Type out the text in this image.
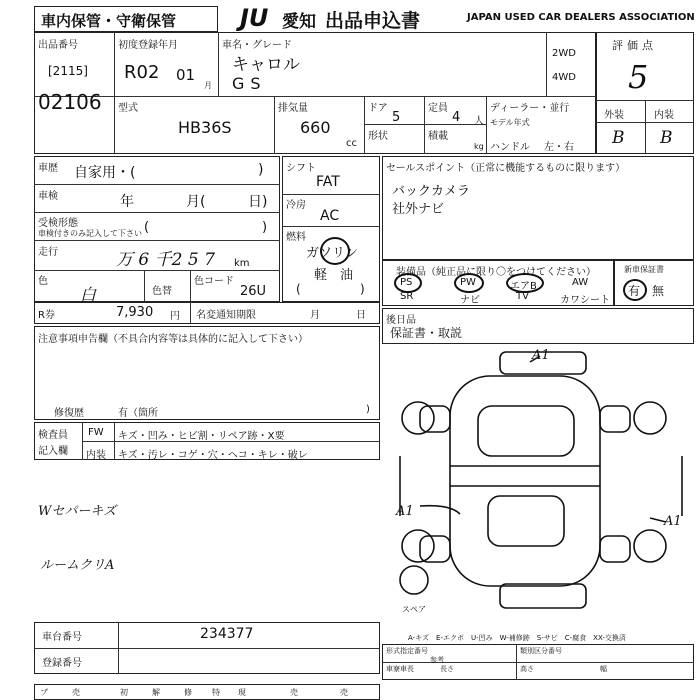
車内保管・守衛保管	JU 愛知 出品申込書	JAPAN USED CAR DEALERS ASSOCIATION
出品番号
[2115]
02106
初度登録年月
R02 01
月
車名・グレード
キャロル
GS
2WD
4WD
型式
HB36S
排気量
660
cc
ドア
5
形状
定員
4 人
積載
kg
ディーラー・並行
モデル年式
ハンドル 左・右
評価点
5
外装	内装
B B
車歴 自家用・(	)
車検	年	月(	日)
受検形態
車検付きのみ記入して下さい (	)
走行	万 6 千2 5 7 km
色
白	色替
色コード
26U
シフト
FAT
冷房
AC
燃料
ガソリン
軽　油
(	)
セールスポイント（正常に機能するものに限ります）
バックカメラ
社外ナビ
装備品（純正品に限り〇をつけてください）
PS	PW	エアB	AW
SR	ナビ	TV	カワシート
新車保証書
有・無
R券	7,930 円 名変通知期限	月	日 後日品
保証書・取説
注意事項申告欄（不具合内容等は具体的に記入して下さい）
修復歴	有（箇所	)
検査員
記入欄
FW キズ・凹み・ヒビ割・リペア跡・X要
内装 キズ・汚レ・コゲ・穴・ヘコ・キレ・破レ
Wセパーキズ
ルームクリA
A1
A1
A1
スペア
A-キズ　E-エクボ　U-凹み　W-補修跡　S-サビ　C-腐食　XX-交換済
車台番号	234377
登録番号
ブ	売	初	解	修	特 現	売	売
形式指定番号	類別区分番号
車寮車長	長さ	高さ	幅
参考
